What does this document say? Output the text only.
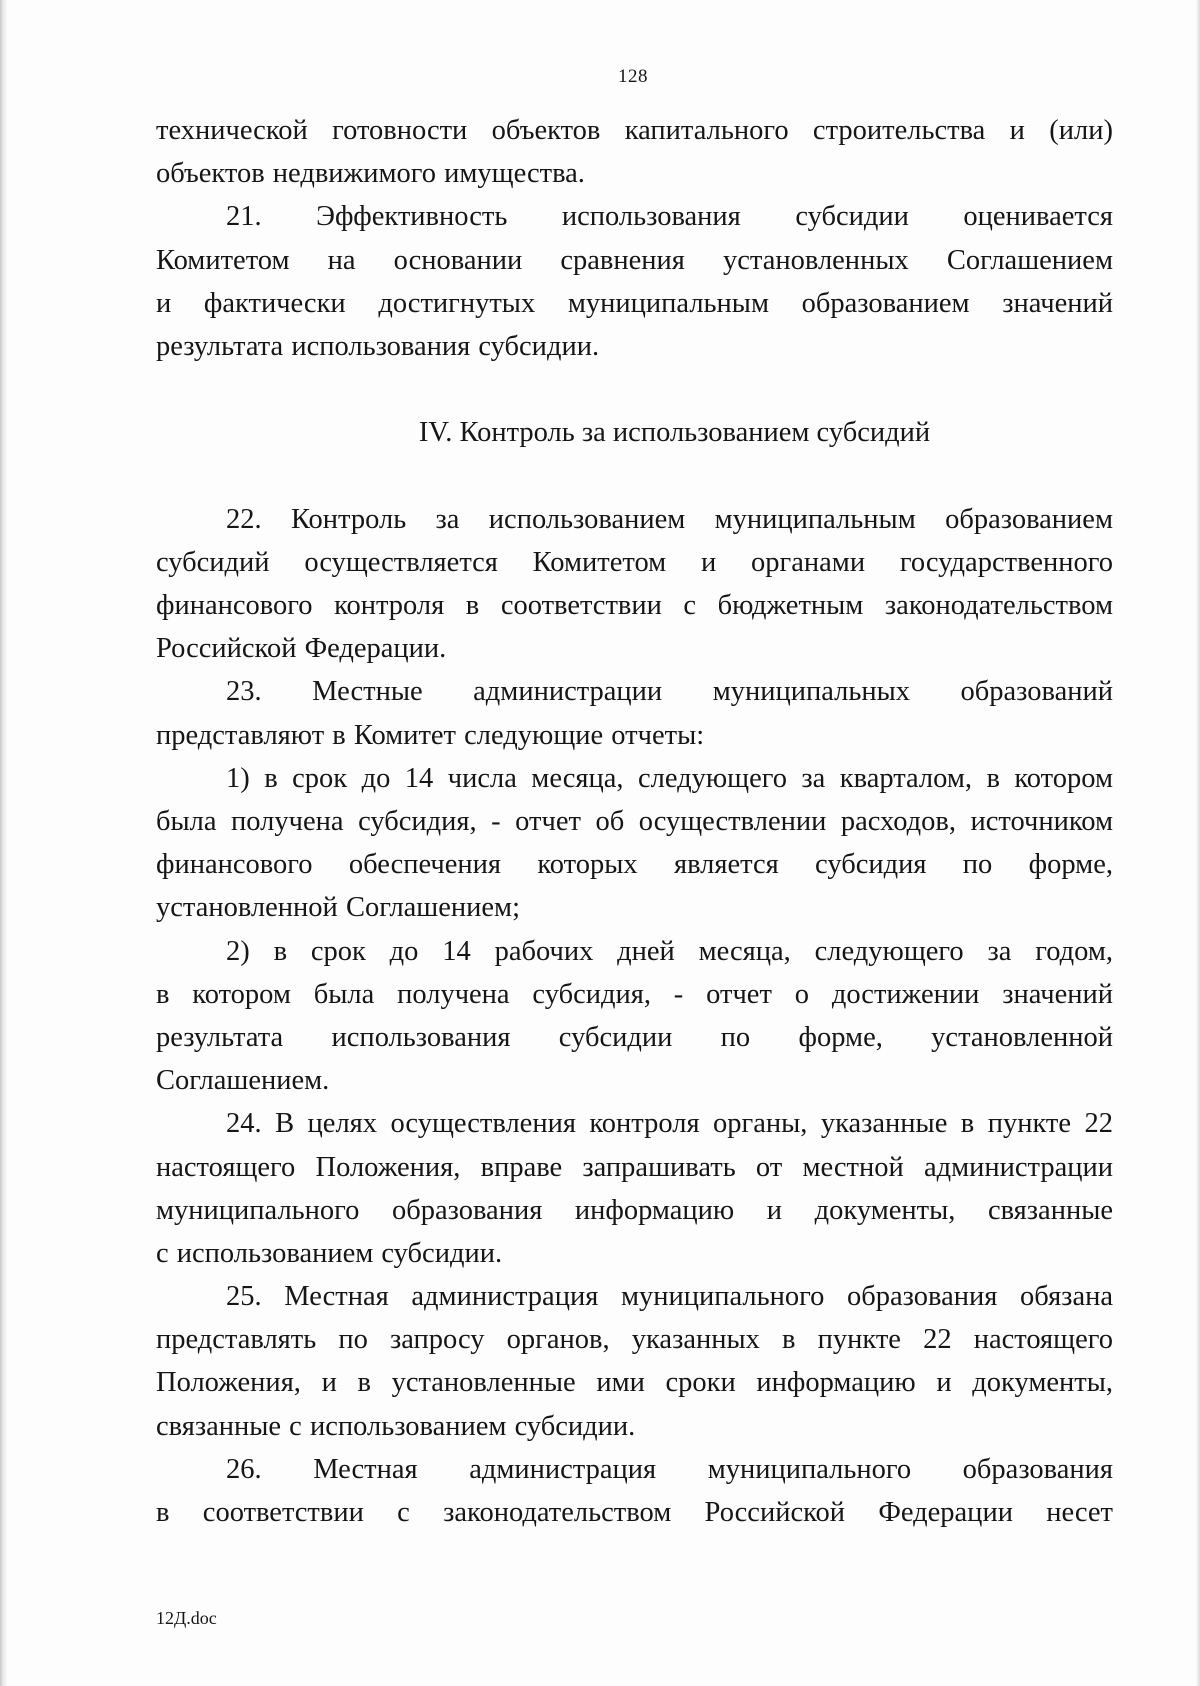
128
технической готовности объектов капитального строительства и (или)
объектов недвижимого имущества.
21. Эффективность использования субсидии оценивается
Комитетом на основании сравнения установленных Соглашением
и фактически достигнутых муниципальным образованием значений
результата использования субсидии.
IV. Контроль за использованием субсидий
22. Контроль за использованием муниципальным образованием
субсидий осуществляется Комитетом и органами государственного
финансового контроля в соответствии с бюджетным законодательством
Российской Федерации.
23. Местные администрации муниципальных образований
представляют в Комитет следующие отчеты:
1) в срок до 14 числа месяца, следующего за кварталом, в котором
была получена субсидия, - отчет об осуществлении расходов, источником
финансового обеспечения которых является субсидия по форме,
установленной Соглашением;
2) в срок до 14 рабочих дней месяца, следующего за годом,
в котором была получена субсидия, - отчет о достижении значений
результата использования субсидии по форме, установленной
Соглашением.
24. В целях осуществления контроля органы, указанные в пункте 22
настоящего Положения, вправе запрашивать от местной администрации
муниципального образования информацию и документы, связанные
с использованием субсидии.
25. Местная администрация муниципального образования обязана
представлять по запросу органов, указанных в пункте 22 настоящего
Положения, и в установленные ими сроки информацию и документы,
связанные с использованием субсидии.
26. Местная администрация муниципального образования
в соответствии с законодательством Российской Федерации несет
12Д.doc
